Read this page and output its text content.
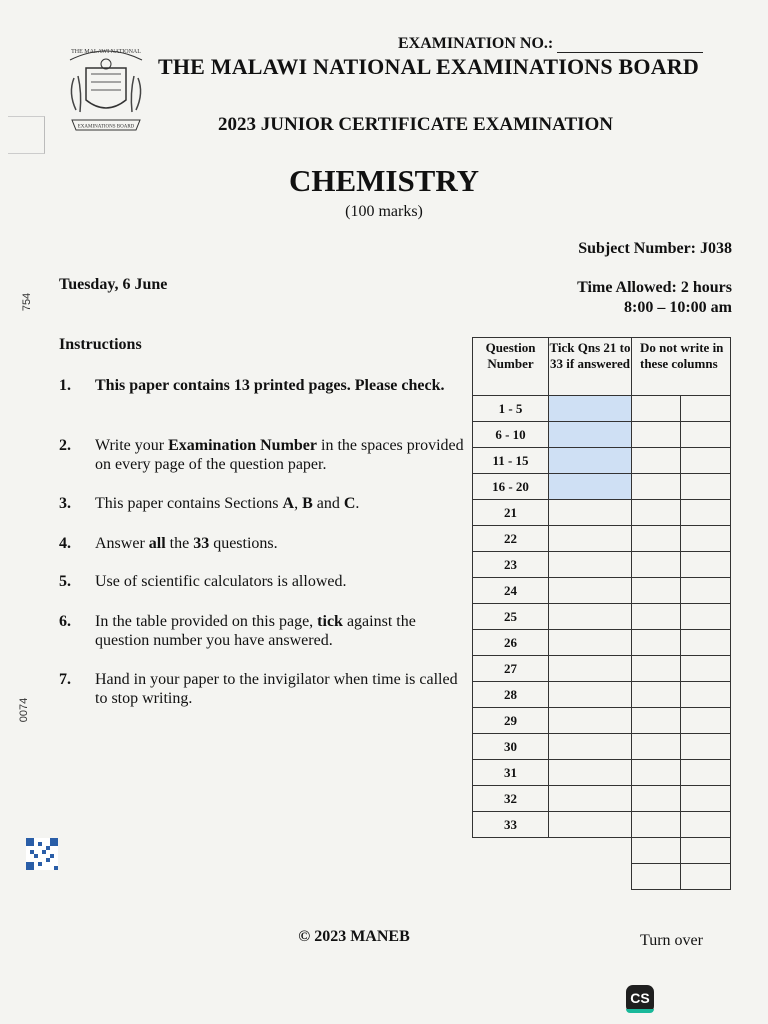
THE MALAWI NATIONAL
EXAMINATIONS BOARD
EXAMINATION NO.:
THE MALAWI NATIONAL EXAMINATIONS BOARD
2023 JUNIOR CERTIFICATE EXAMINATION
CHEMISTRY
(100 marks)
Subject Number: J038
Tuesday, 6 June	Time Allowed: 2 hours
8:00 – 10:00 am
754
0074
Instructions
1. This paper contains 13 printed pages. Please check.
2. Write your Examination Number in the spaces provided on every page of the question paper.
3. This paper contains Sections A, B and C.
4. Answer all the 33 questions.
5. Use of scientific calculators is allowed.
6. In the table provided on this page, tick against the question number you have answered.
7. Hand in your paper to the invigilator when time is called to stop writing.
Question Number	Tick Qns 21 to 33 if answered	Do not write in these columns	
1 - 5			
6 - 10			
11 - 15			
16 - 20			
21			
22			
23			
24			
25			
26			
27			
28			
29			
30			
31			
32			
33			

© 2023 MANEB	Turn over
CS
